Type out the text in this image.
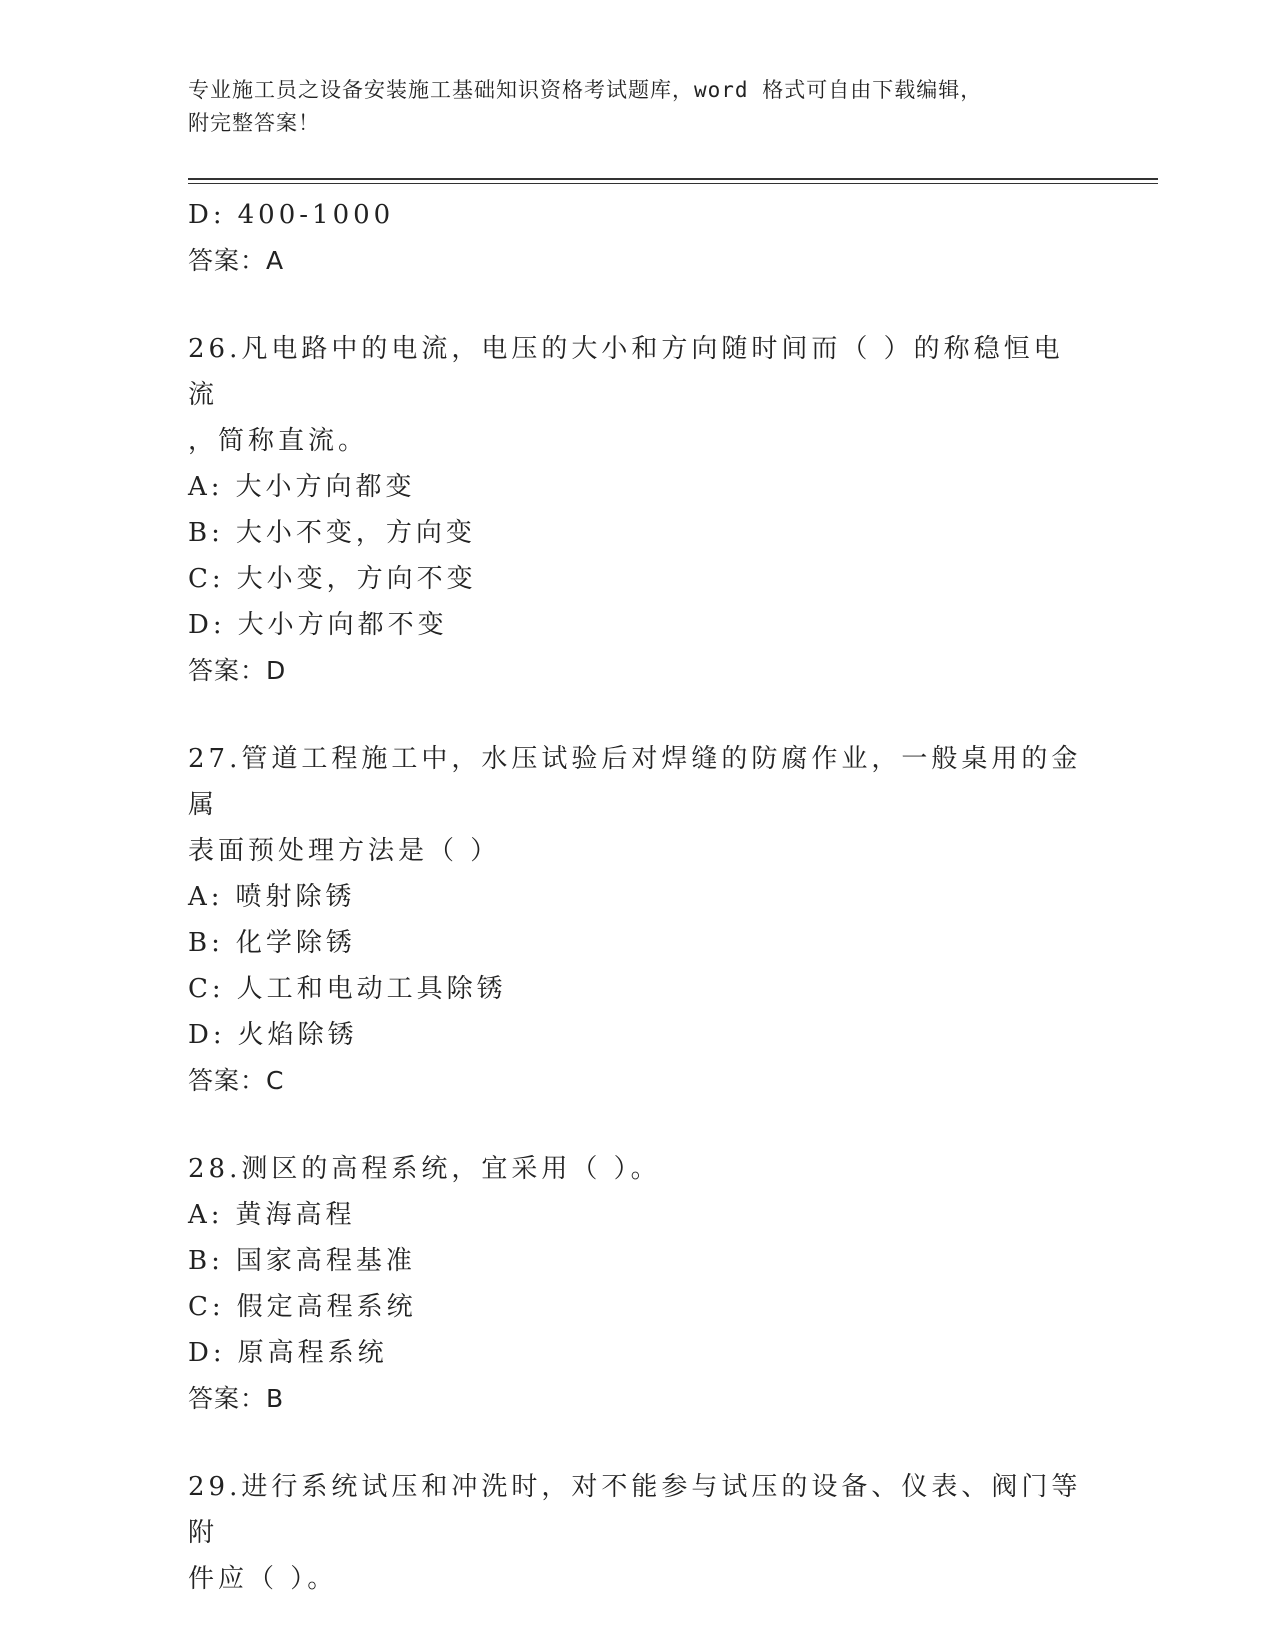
专业施工员之设备安装施工基础知识资格考试题库，word 格式可自由下载编辑，
附完整答案！
D: 400-1000
答案：A
26.凡电路中的电流，电压的大小和方向随时间而（ ）的称稳恒电流
，简称直流。
A: 大小方向都变
B: 大小不变，方向变
C: 大小变，方向不变
D: 大小方向都不变
答案：D
27.管道工程施工中，水压试验后对焊缝的防腐作业，一般桌用的金属
表面预处理方法是（ ）
A: 喷射除锈
B: 化学除锈
C: 人工和电动工具除锈
D: 火焰除锈
答案：C
28.测区的高程系统，宜采用（ ）。
A: 黄海高程
B: 国家高程基准
C: 假定高程系统
D: 原高程系统
答案：B
29.进行系统试压和冲洗时，对不能参与试压的设备、仪表、阀门等附
件应（ ）。
